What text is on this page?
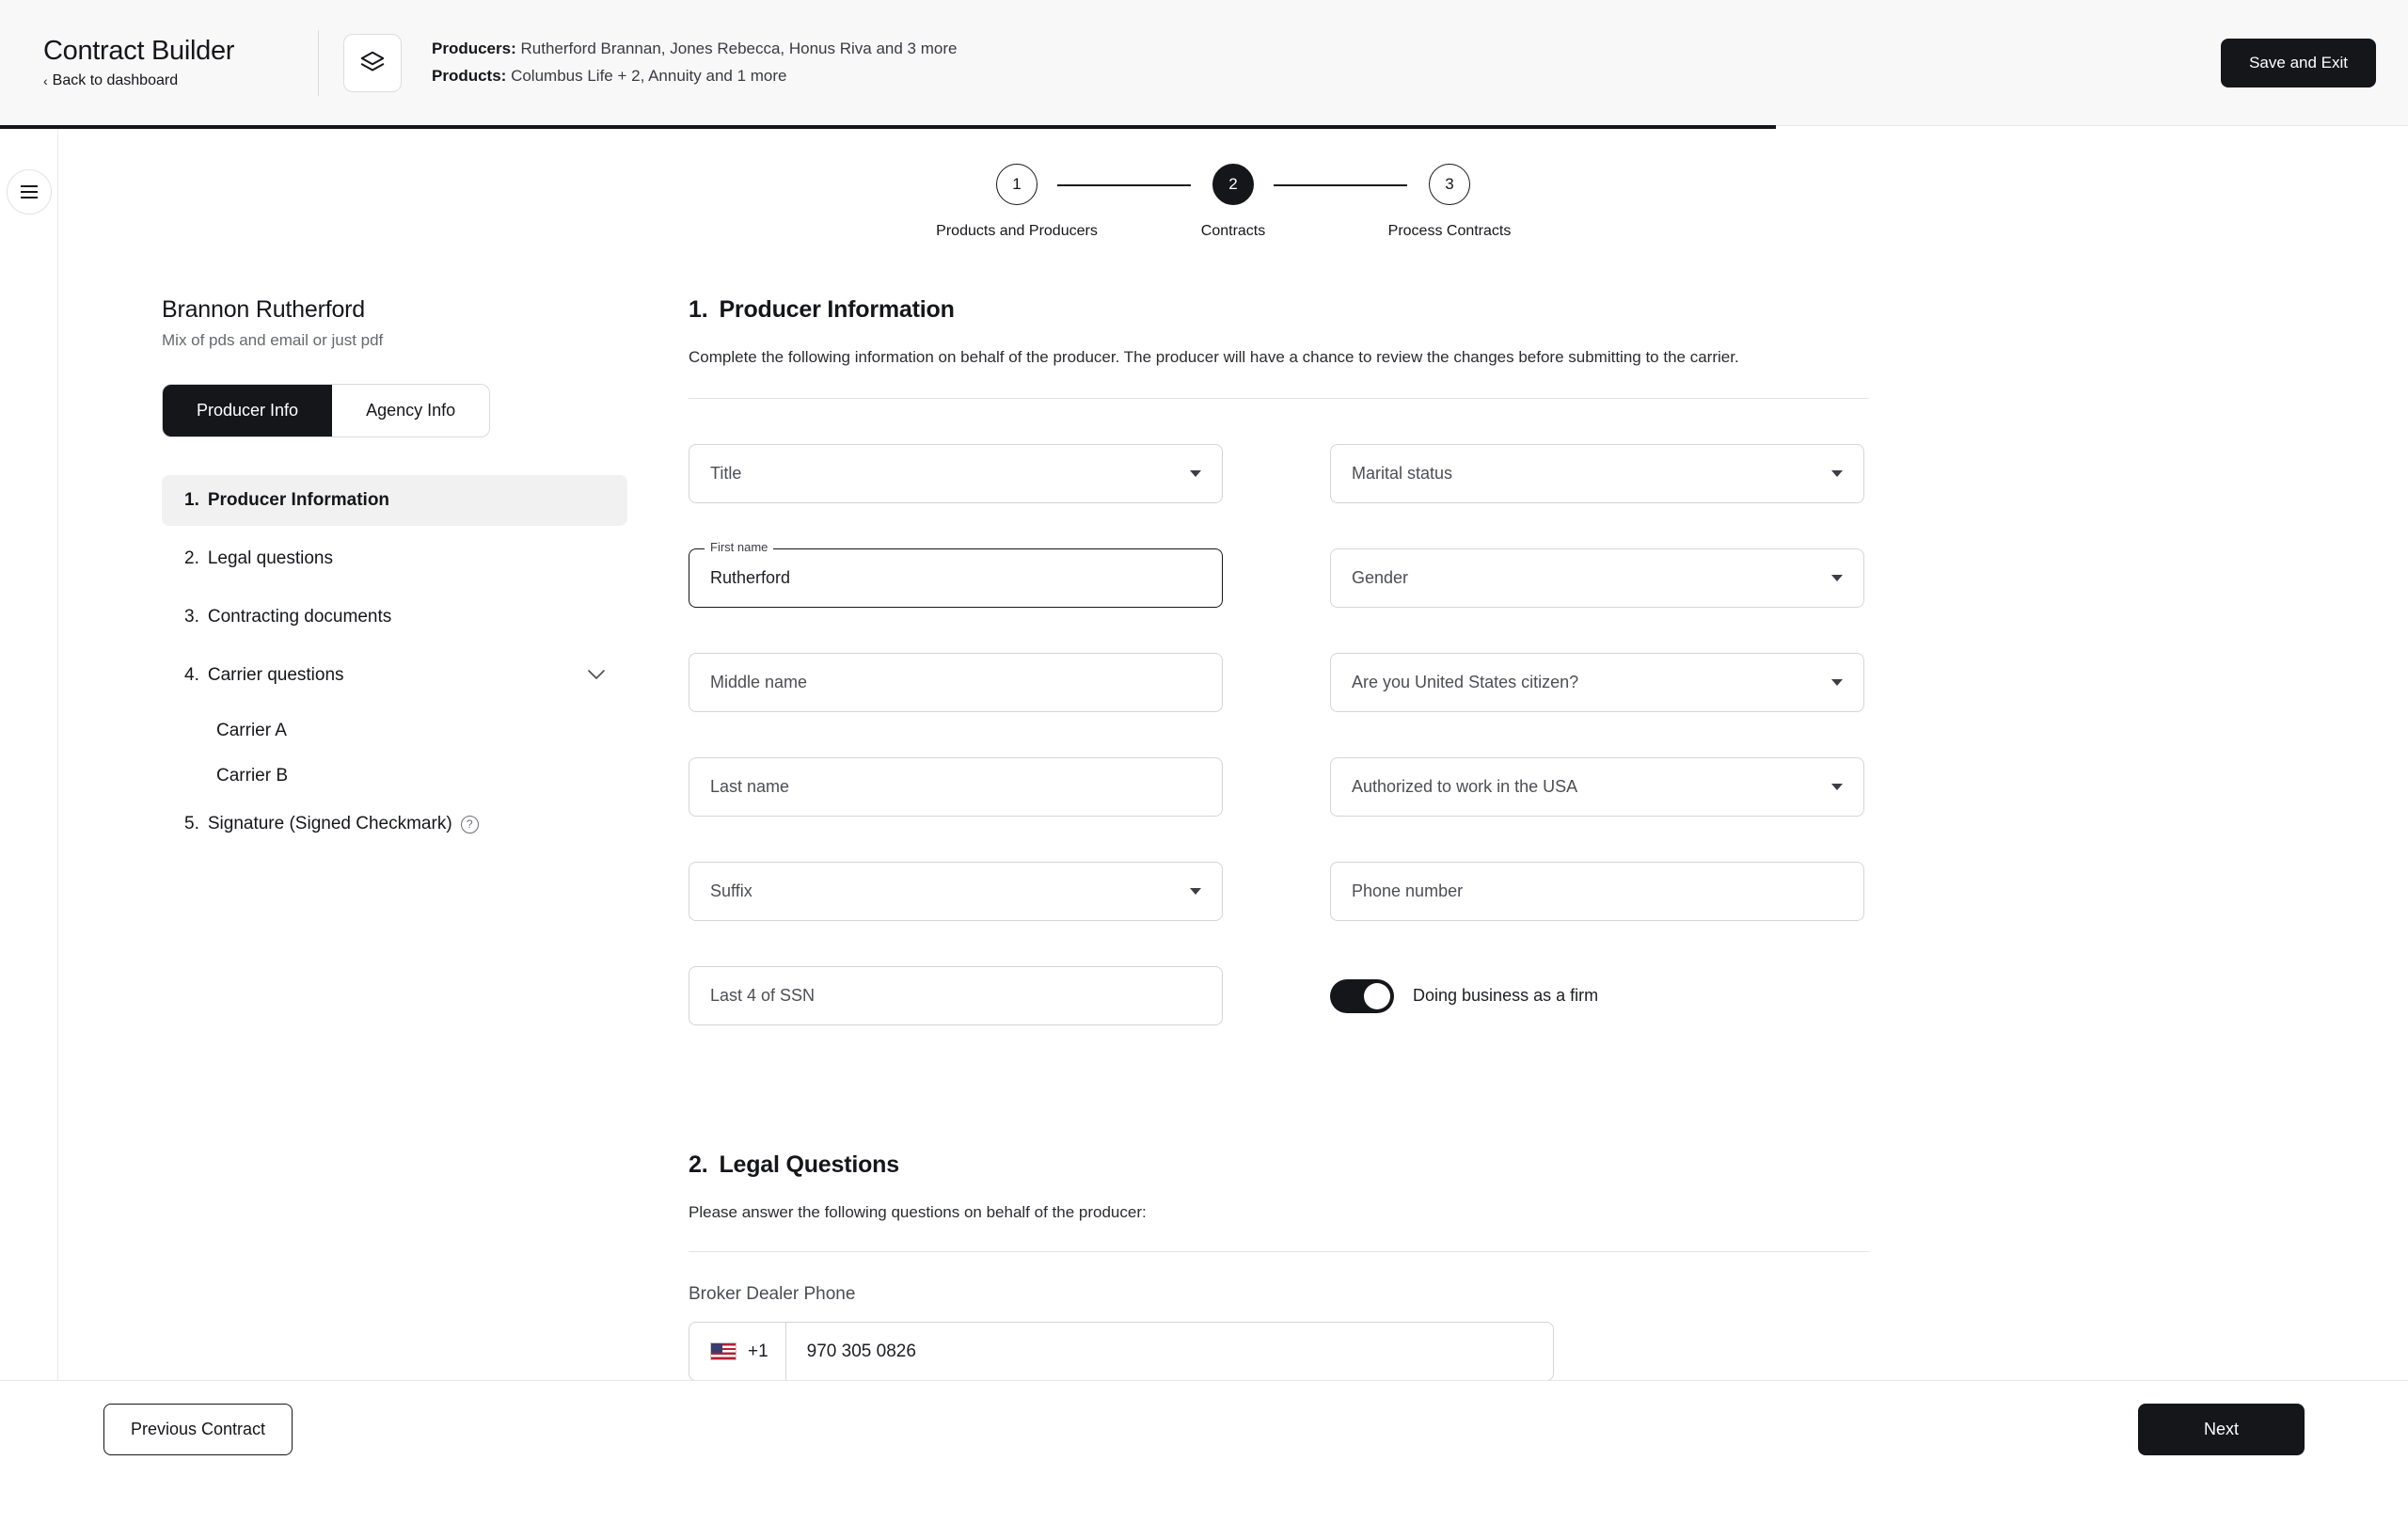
Contract Builder
‹ Back to dashboard
Producers: Rutherford Brannan, Jones Rebecca, Honus Riva and 3 more
Products: Columbus Life + 2, Annuity and 1 more
Save and Exit
1
Products and Producers
2
Contracts
3
Process Contracts
Brannon Rutherford
Mix of pds and email or just pdf
Producer Info	Agency Info
1. Producer Information
2. Legal questions
3. Contracting documents
4. Carrier questions
Carrier A
Carrier B
5. Signature (Signed Checkmark)	?
1. Producer Information
Complete the following information on behalf of the producer. The producer will have a chance to review the changes before submitting to the carrier.
Title	Marital status
First name
Rutherford	Gender
Middle name	Are you United States citizen?
Last name	Authorized to work in the USA
Suffix	Phone number
Last 4 of SSN	Doing business as a firm
2. Legal Questions
Please answer the following questions on behalf of the producer:
Broker Dealer Phone
+1	970 305 0826
Previous Contract	Next
